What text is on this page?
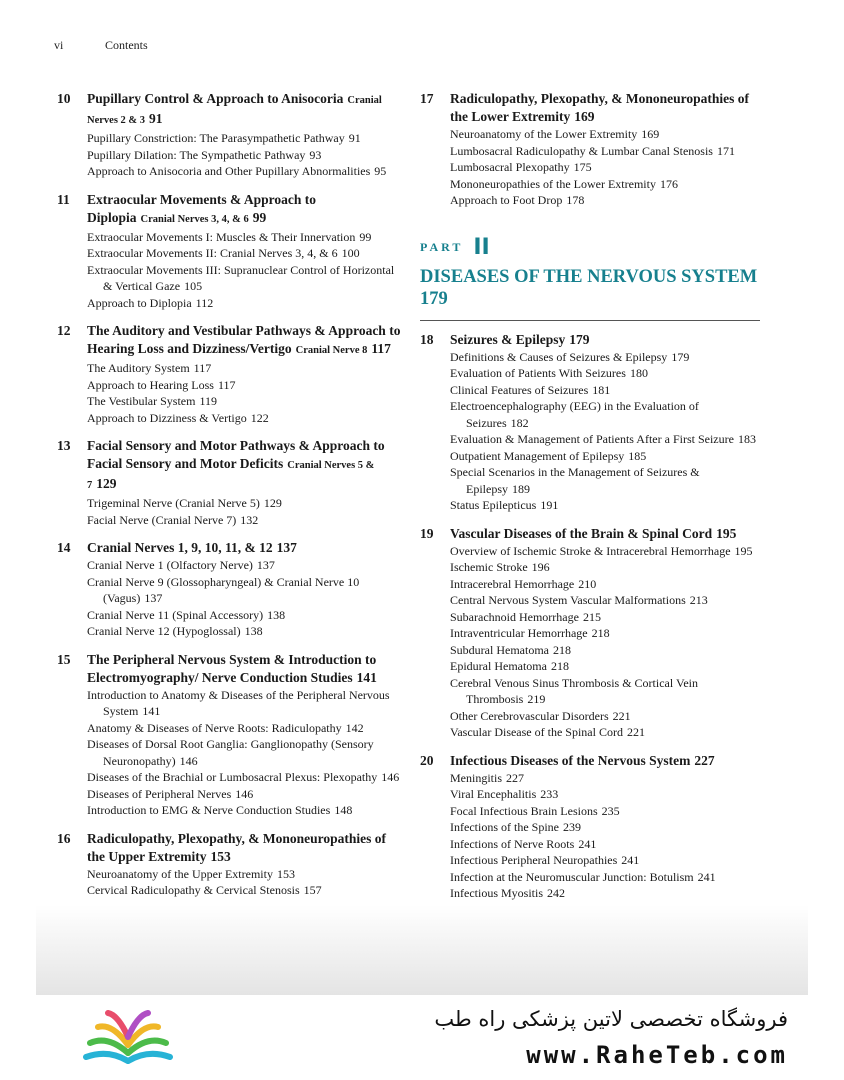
vi	Contents
10	Pupillary Control & Approach to Anisocoria Cranial Nerves 2 & 3 91
Pupillary Constriction: The Parasympathetic Pathway 91
Pupillary Dilation: The Sympathetic Pathway 93
Approach to Anisocoria and Other Pupillary Abnormalities 95
11	Extraocular Movements & Approach to Diplopia Cranial Nerves 3, 4, & 6 99
Extraocular Movements I: Muscles & Their Innervation 99
Extraocular Movements II: Cranial Nerves 3, 4, & 6 100
Extraocular Movements III: Supranuclear Control of Horizontal & Vertical Gaze 105
Approach to Diplopia 112
12	The Auditory and Vestibular Pathways & Approach to Hearing Loss and Dizziness/Vertigo Cranial Nerve 8 117
The Auditory System 117
Approach to Hearing Loss 117
The Vestibular System 119
Approach to Dizziness & Vertigo 122
13	Facial Sensory and Motor Pathways & Approach to Facial Sensory and Motor Deficits Cranial Nerves 5 & 7 129
Trigeminal Nerve (Cranial Nerve 5) 129
Facial Nerve (Cranial Nerve 7) 132
14	Cranial Nerves 1, 9, 10, 11, & 12 137
Cranial Nerve 1 (Olfactory Nerve) 137
Cranial Nerve 9 (Glossopharyngeal) & Cranial Nerve 10 (Vagus) 137
Cranial Nerve 11 (Spinal Accessory) 138
Cranial Nerve 12 (Hypoglossal) 138
15	The Peripheral Nervous System & Introduction to Electromyography/ Nerve Conduction Studies 141
Introduction to Anatomy & Diseases of the Peripheral Nervous System 141
Anatomy & Diseases of Nerve Roots: Radiculopathy 142
Diseases of Dorsal Root Ganglia: Ganglionopathy (Sensory Neuronopathy) 146
Diseases of the Brachial or Lumbosacral Plexus: Plexopathy 146
Diseases of Peripheral Nerves 146
Introduction to EMG & Nerve Conduction Studies 148
16	Radiculopathy, Plexopathy, & Mononeuropathies of the Upper Extremity 153
Neuroanatomy of the Upper Extremity 153
Cervical Radiculopathy & Cervical Stenosis 157
17	Radiculopathy, Plexopathy, & Mononeuropathies of the Lower Extremity 169
Neuroanatomy of the Lower Extremity 169
Lumbosacral Radiculopathy & Lumbar Canal Stenosis 171
Lumbosacral Plexopathy 175
Mononeuropathies of the Lower Extremity 176
Approach to Foot Drop 178
PART II
DISEASES OF THE NERVOUS SYSTEM 179
18	Seizures & Epilepsy 179
Definitions & Causes of Seizures & Epilepsy 179
Evaluation of Patients With Seizures 180
Clinical Features of Seizures 181
Electroencephalography (EEG) in the Evaluation of Seizures 182
Evaluation & Management of Patients After a First Seizure 183
Outpatient Management of Epilepsy 185
Special Scenarios in the Management of Seizures & Epilepsy 189
Status Epilepticus 191
19	Vascular Diseases of the Brain & Spinal Cord 195
Overview of Ischemic Stroke & Intracerebral Hemorrhage 195
Ischemic Stroke 196
Intracerebral Hemorrhage 210
Central Nervous System Vascular Malformations 213
Subarachnoid Hemorrhage 215
Intraventricular Hemorrhage 218
Subdural Hematoma 218
Epidural Hematoma 218
Cerebral Venous Sinus Thrombosis & Cortical Vein Thrombosis 219
Other Cerebrovascular Disorders 221
Vascular Disease of the Spinal Cord 221
20	Infectious Diseases of the Nervous System 227
Meningitis 227
Viral Encephalitis 233
Focal Infectious Brain Lesions 235
Infections of the Spine 239
Infections of Nerve Roots 241
Infectious Peripheral Neuropathies 241
Infection at the Neuromuscular Junction: Botulism 241
Infectious Myositis 242
فروشگاه تخصصی لاتین پزشکی راه طب
www.RaheTeb.com
